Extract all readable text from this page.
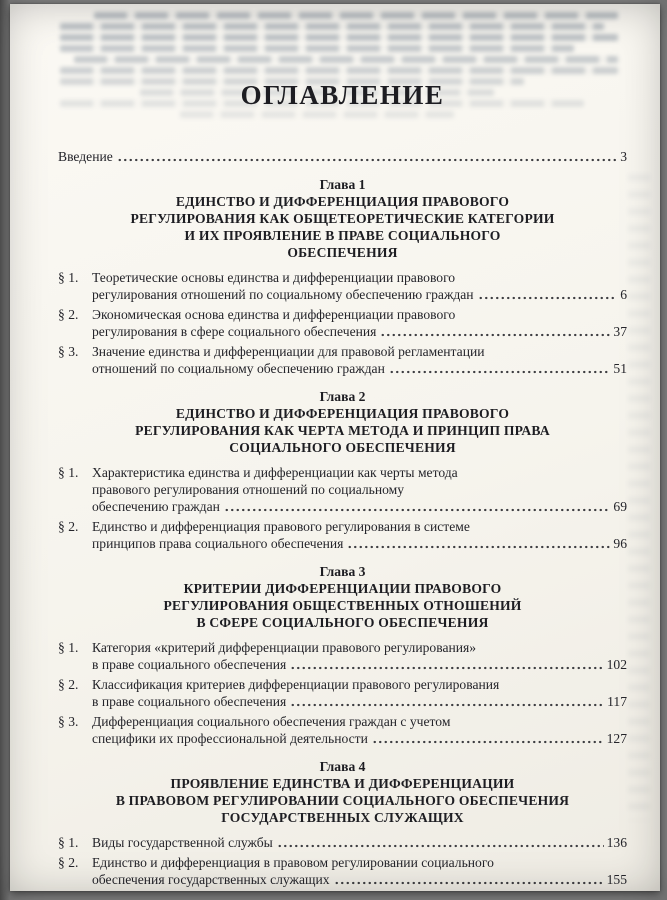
ОГЛАВЛЕНИЕ
Введение	3
Глава 1
ЕДИНСТВО И ДИФФЕРЕНЦИАЦИЯ ПРАВОВОГО
РЕГУЛИРОВАНИЯ КАК ОБЩЕТЕОРЕТИЧЕСКИЕ КАТЕГОРИИ
И ИХ ПРОЯВЛЕНИЕ В ПРАВЕ СОЦИАЛЬНОГО
ОБЕСПЕЧЕНИЯ
§ 1. Теоретические основы единства и дифференциации правового
регулирования отношений по социальному обеспечению граждан	6
§ 2. Экономическая основа единства и дифференциации правового
регулирования в сфере социального обеспечения	37
§ 3. Значение единства и дифференциации для правовой регламентации
отношений по социальному обеспечению граждан	51
Глава 2
ЕДИНСТВО И ДИФФЕРЕНЦИАЦИЯ ПРАВОВОГО
РЕГУЛИРОВАНИЯ КАК ЧЕРТА МЕТОДА И ПРИНЦИП ПРАВА
СОЦИАЛЬНОГО ОБЕСПЕЧЕНИЯ
§ 1. Характеристика единства и дифференциации как черты метода
правового регулирования отношений по социальному
обеспечению граждан	69
§ 2. Единство и дифференциация правового регулирования в системе
принципов права социального обеспечения	96
Глава 3
КРИТЕРИИ ДИФФЕРЕНЦИАЦИИ ПРАВОВОГО
РЕГУЛИРОВАНИЯ ОБЩЕСТВЕННЫХ ОТНОШЕНИЙ
В СФЕРЕ СОЦИАЛЬНОГО ОБЕСПЕЧЕНИЯ
§ 1. Категория «критерий дифференциации правового регулирования»
в праве социального обеспечения	102
§ 2. Классификация критериев дифференциации правового регулирования
в праве социального обеспечения	117
§ 3. Дифференциация социального обеспечения граждан с учетом
специфики их профессиональной деятельности	127
Глава 4
ПРОЯВЛЕНИЕ ЕДИНСТВА И ДИФФЕРЕНЦИАЦИИ
В ПРАВОВОМ РЕГУЛИРОВАНИИ СОЦИАЛЬНОГО ОБЕСПЕЧЕНИЯ
ГОСУДАРСТВЕННЫХ СЛУЖАЩИХ
§ 1. Виды государственной службы	136
§ 2. Единство и дифференциация в правовом регулировании социального
обеспечения государственных служащих	155
